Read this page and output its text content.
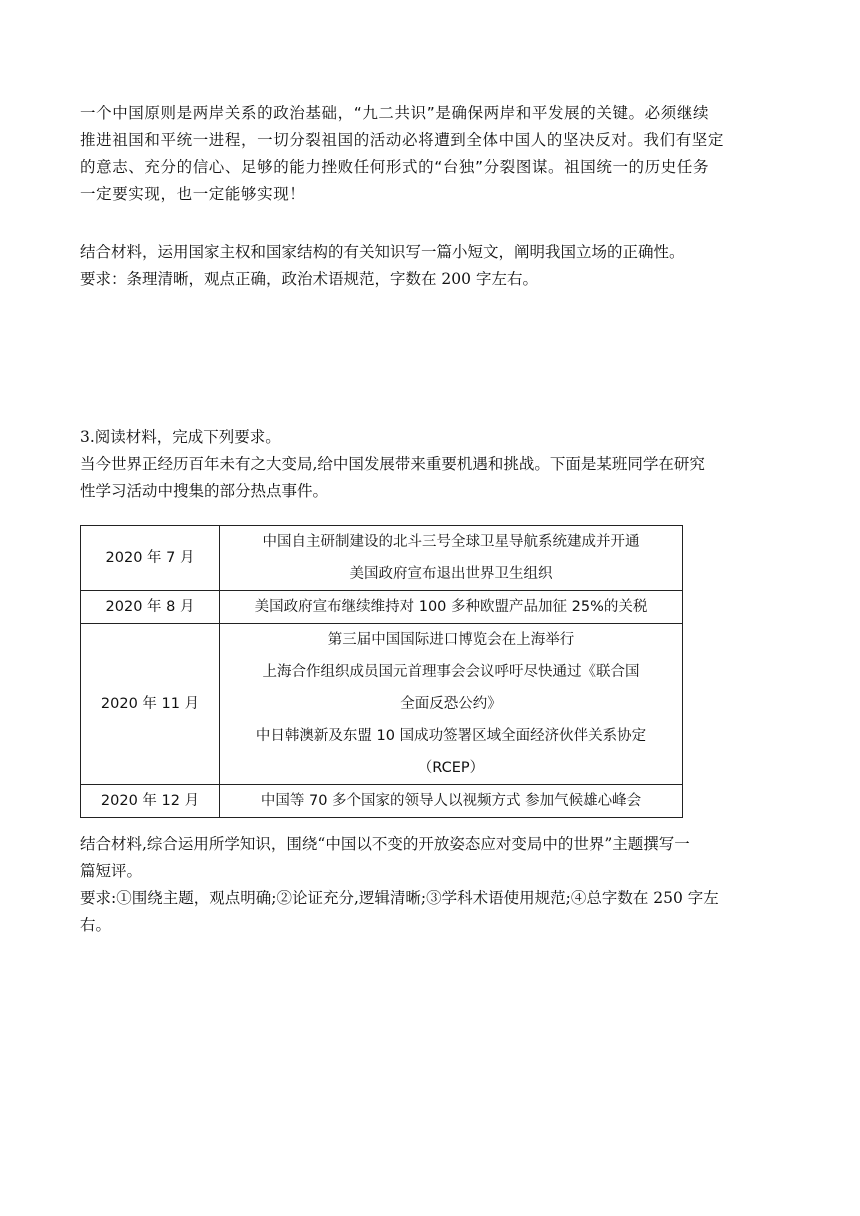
一个中国原则是两岸关系的政治基础，“九二共识”是确保两岸和平发展的关键。必须继续
推进祖国和平统一进程，一切分裂祖国的活动必将遭到全体中国人的坚决反对。我们有坚定
的意志、充分的信心、足够的能力挫败任何形式的“台独”分裂图谋。祖国统一的历史任务
一定要实现，也一定能够实现！
结合材料，运用国家主权和国家结构的有关知识写一篇小短文，阐明我国立场的正确性。
要求：条理清晰，观点正确，政治术语规范，字数在 200 字左右。
3.阅读材料，完成下列要求。
当今世界正经历百年未有之大变局,给中国发展带来重要机遇和挑战。下面是某班同学在研究
性学习活动中搜集的部分热点事件。
2020 年 7 月	中国自主研制建设的北斗三号全球卫星导航系统建成并开通
美国政府宣布退出世界卫生组织

2020 年 8 月	美国政府宣布继续维持对 100 多种欧盟产品加征 25%的关税

2020 年 11 月	第三届中国国际进口博览会在上海举行
上海合作组织成员国元首理事会会议呼吁尽快通过《联合国
全面反恐公约》
中日韩澳新及东盟 10 国成功签署区域全面经济伙伴关系协定
（RCEP）

2020 年 12 月	中国等 70 多个国家的领导人以视频方式 参加气候雄心峰会
结合材料,综合运用所学知识，围绕“中国以不变的开放姿态应对变局中的世界”主题撰写一
篇短评。
要求:①围绕主题，观点明确;②论证充分,逻辑清晰;③学科术语使用规范;④总字数在 250 字左
右。
